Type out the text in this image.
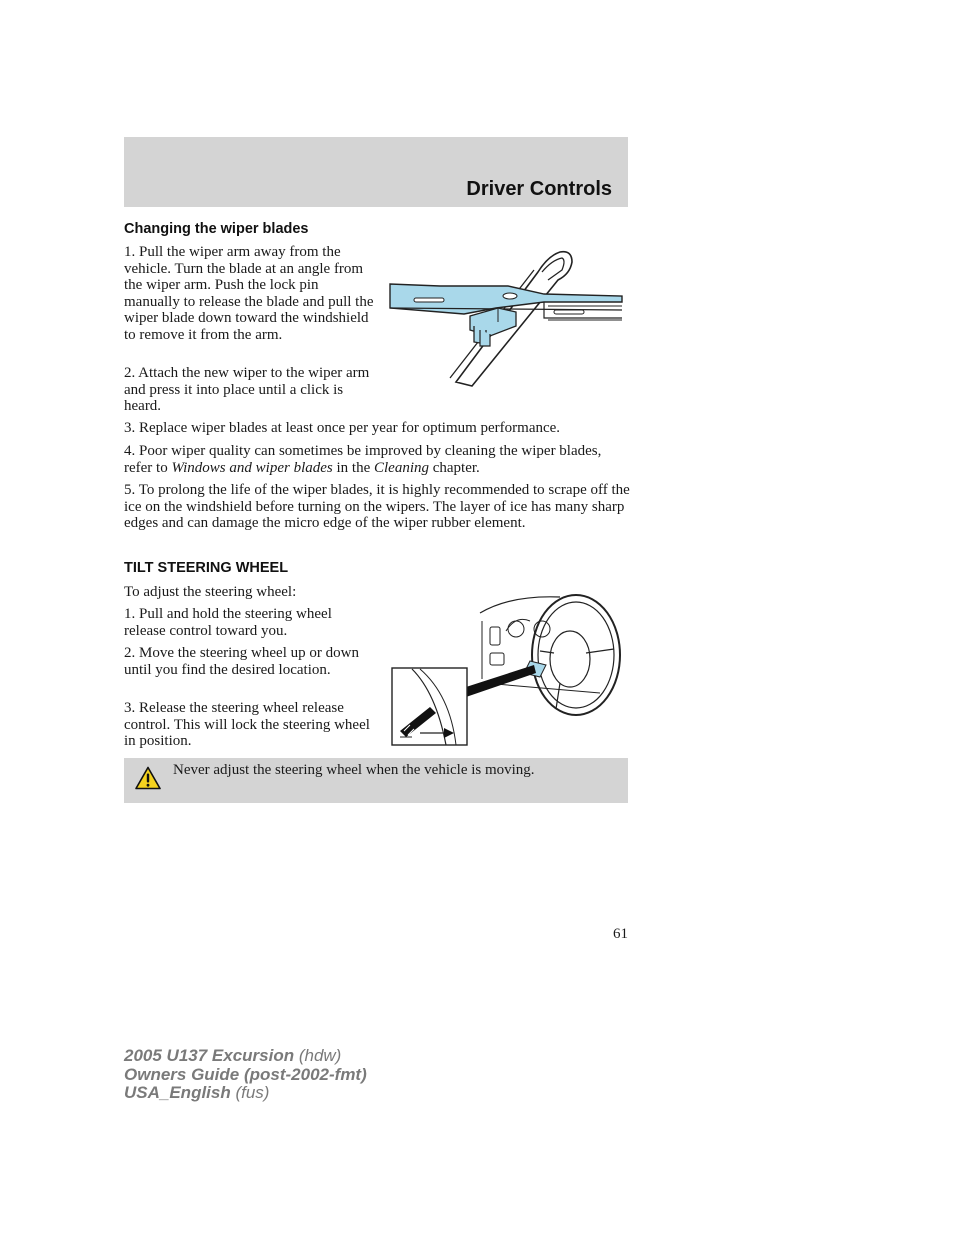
Driver Controls
Changing the wiper blades

1. Pull the wiper arm away from the vehicle. Turn the blade at an angle from the wiper arm. Push the lock pin manually to release the blade and pull the wiper blade down toward the windshield to remove it from the arm.

2. Attach the new wiper to the wiper arm and press it into place until a click is heard.

3. Replace wiper blades at least once per year for optimum performance.

4. Poor wiper quality can sometimes be improved by cleaning the wiper blades, refer to Windows and wiper blades in the Cleaning chapter.

5. To prolong the life of the wiper blades, it is highly recommended to scrape off the ice on the windshield before turning on the wipers. The layer of ice has many sharp edges and can damage the micro edge of the wiper rubber element.

TILT STEERING WHEEL

To adjust the steering wheel:

1. Pull and hold the steering wheel release control toward you.

2. Move the steering wheel up or down until you find the desired location.

3. Release the steering wheel release control. This will lock the steering wheel in position.

Never adjust the steering wheel when the vehicle is moving.
61
2005 U137 Excursion (hdw)
Owners Guide (post-2002-fmt)
USA_English (fus)
